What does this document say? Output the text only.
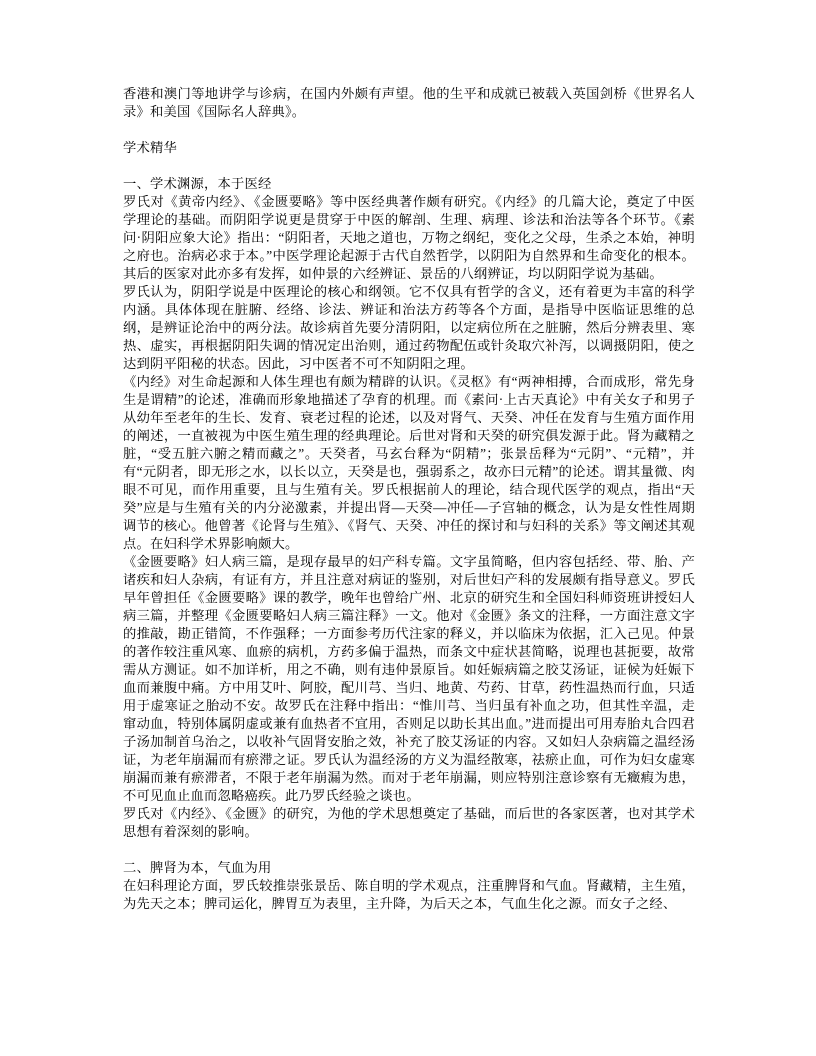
香港和澳门等地讲学与诊病，在国内外颇有声望。他的生平和成就已被载入英国剑桥《世界名人录》和美国《国际名人辞典》。
学术精华
一、学术渊源，本于医经
罗氏对《黄帝内经》、《金匮要略》等中医经典著作颇有研究。《内经》的几篇大论，奠定了中医学理论的基础。而阴阳学说更是贯穿于中医的解剖、生理、病理、诊法和治法等各个环节。《素问·阴阳应象大论》指出：“阴阳者，天地之道也，万物之纲纪，变化之父母，生杀之本始，神明之府也。治病必求于本。”中医学理论起源于古代自然哲学，以阴阳为自然界和生命变化的根本。其后的医家对此亦多有发挥，如仲景的六经辨证、景岳的八纲辨证，均以阴阳学说为基础。
罗氏认为，阴阳学说是中医理论的核心和纲领。它不仅具有哲学的含义，还有着更为丰富的科学内涵。具体体现在脏腑、经络、诊法、辨证和治法方药等各个方面，是指导中医临证思维的总纲，是辨证论治中的两分法。故诊病首先要分清阴阳，以定病位所在之脏腑，然后分辨表里、寒热、虚实，再根据阴阳失调的情况定出治则，通过药物配伍或针灸取穴补泻，以调摄阴阳，使之达到阴平阳秘的状态。因此，习中医者不可不知阴阳之理。
《内经》对生命起源和人体生理也有颇为精辟的认识。《灵枢》有“两神相搏，合而成形，常先身生是谓精”的论述，准确而形象地描述了孕育的机理。而《素问·上古天真论》中有关女子和男子从幼年至老年的生长、发育、衰老过程的论述，以及对肾气、天癸、冲任在发育与生殖方面作用的阐述，一直被视为中医生殖生理的经典理论。后世对肾和天癸的研究俱发源于此。肾为藏精之脏，“受五脏六腑之精而藏之”。天癸者，马玄台释为“阴精”；张景岳释为“元阴”、“元精”，并有“元阴者，即无形之水，以长以立，天癸是也，强弱系之，故亦曰元精”的论述。谓其量微、肉眼不可见，而作用重要，且与生殖有关。罗氏根据前人的理论，结合现代医学的观点，指出“天癸”应是与生殖有关的内分泌激素，并提出肾—天癸—冲任—子宫轴的概念，认为是女性性周期调节的核心。他曾著《论肾与生殖》、《肾气、天癸、冲任的探讨和与妇科的关系》等文阐述其观点。在妇科学术界影响颇大。
《金匮要略》妇人病三篇，是现存最早的妇产科专篇。文字虽简略，但内容包括经、带、胎、产诸疾和妇人杂病，有证有方，并且注意对病证的鉴别，对后世妇产科的发展颇有指导意义。罗氏早年曾担任《金匮要略》课的教学，晚年也曾给广州、北京的研究生和全国妇科师资班讲授妇人病三篇，并整理《金匮要略妇人病三篇注释》一文。他对《金匮》条文的注释，一方面注意文字的推敲，勘正错简，不作强释；一方面参考历代注家的释义，并以临床为依据，汇入己见。仲景的著作较注重风寒、血瘀的病机，方药多偏于温热，而条文中症状甚简略，说理也甚扼要，故常需从方测证。如不加详析，用之不确，则有违仲景原旨。如妊娠病篇之胶艾汤证，证候为妊娠下血而兼腹中痛。方中用艾叶、阿胶，配川芎、当归、地黄、芍药、甘草，药性温热而行血，只适用于虚寒证之胎动不安。故罗氏在注释中指出：“惟川芎、当归虽有补血之功，但其性辛温，走窜动血，特别体属阴虚或兼有血热者不宜用，否则足以助长其出血。”进而提出可用寿胎丸合四君子汤加制首乌治之，以收补气固肾安胎之效，补充了胶艾汤证的内容。又如妇人杂病篇之温经汤证，为老年崩漏而有瘀滞之证。罗氏认为温经汤的方义为温经散寒，祛瘀止血，可作为妇女虚寒崩漏而兼有瘀滞者，不限于老年崩漏为然。而对于老年崩漏，则应特别注意诊察有无癥瘕为患，不可见血止血而忽略癌疾。此乃罗氏经验之谈也。
罗氏对《内经》、《金匮》的研究，为他的学术思想奠定了基础，而后世的各家医著，也对其学术思想有着深刻的影响。
二、脾肾为本，气血为用
在妇科理论方面，罗氏较推崇张景岳、陈自明的学术观点，注重脾肾和气血。肾藏精，主生殖，为先天之本；脾司运化，脾胃互为表里，主升降，为后天之本，气血生化之源。而女子之经、
